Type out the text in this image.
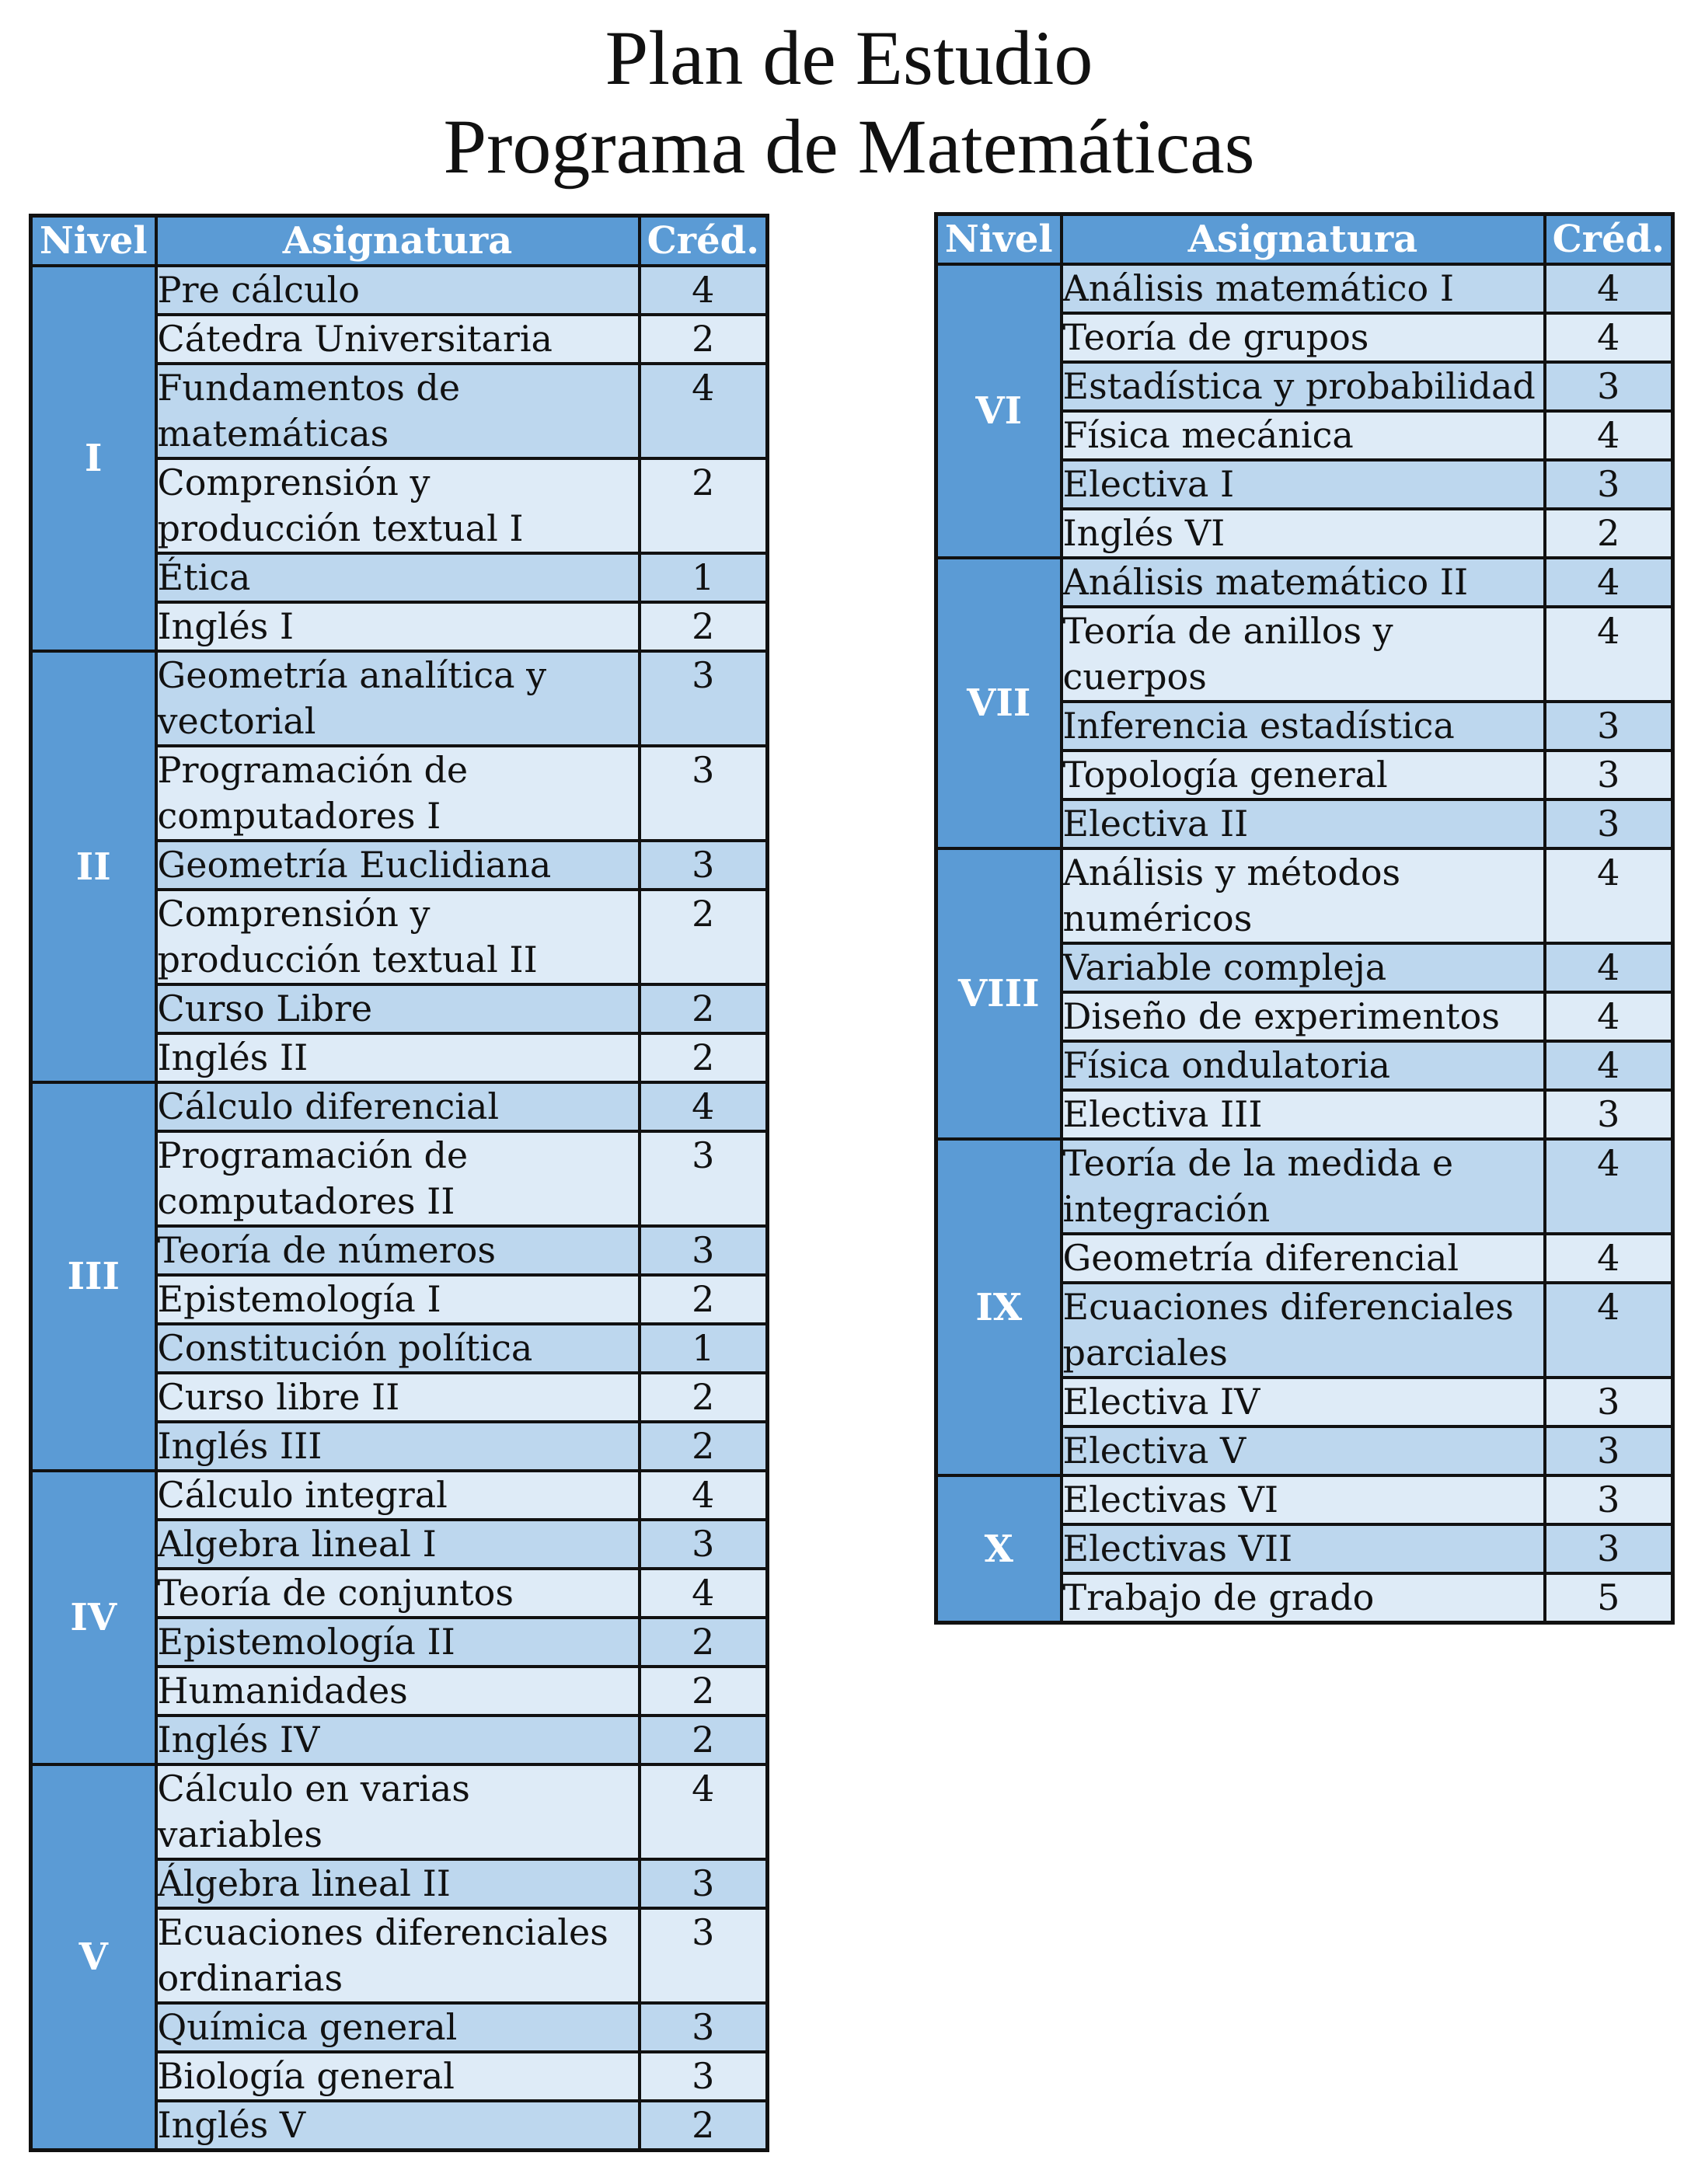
Plan de Estudio
Programa de Matemáticas
Nivel	Asignatura	Créd.
I	Pre cálculo	4
	Cátedra Universitaria	2
	Fundamentos de matemáticas	4
	Comprensión y producción textual I	2
	Ética	1
	Inglés I	2
II	Geometría analítica y vectorial	3
	Programación de computadores I	3
	Geometría Euclidiana	3
	Comprensión y producción textual II	2
	Curso Libre	2
	Inglés II	2
III	Cálculo diferencial	4
	Programación de computadores II	3
	Teoría de números	3
	Epistemología I	2
	Constitución política	1
	Curso libre II	2
	Inglés III	2
IV	Cálculo integral	4
	Algebra lineal I	3
	Teoría de conjuntos	4
	Epistemología II	2
	Humanidades	2
	Inglés IV	2
V	Cálculo en varias variables	4
	Álgebra lineal II	3
	Ecuaciones diferenciales ordinarias	3
	Química general	3
	Biología general	3
	Inglés V	2
Nivel	Asignatura	Créd.
VI	Análisis matemático I	4
	Teoría de grupos	4
	Estadística y probabilidad	3
	Física mecánica	4
	Electiva I	3
	Inglés VI	2
VII	Análisis matemático II	4
	Teoría de anillos y cuerpos	4
	Inferencia estadística	3
	Topología general	3
	Electiva II	3
VIII	Análisis y métodos numéricos	4
	Variable compleja	4
	Diseño de experimentos	4
	Física ondulatoria	4
	Electiva III	3
IX	Teoría de la medida e integración	4
	Geometría diferencial	4
	Ecuaciones diferenciales parciales	4
	Electiva IV	3
	Electiva V	3
X	Electivas VI	3
	Electivas VII	3
	Trabajo de grado	5
